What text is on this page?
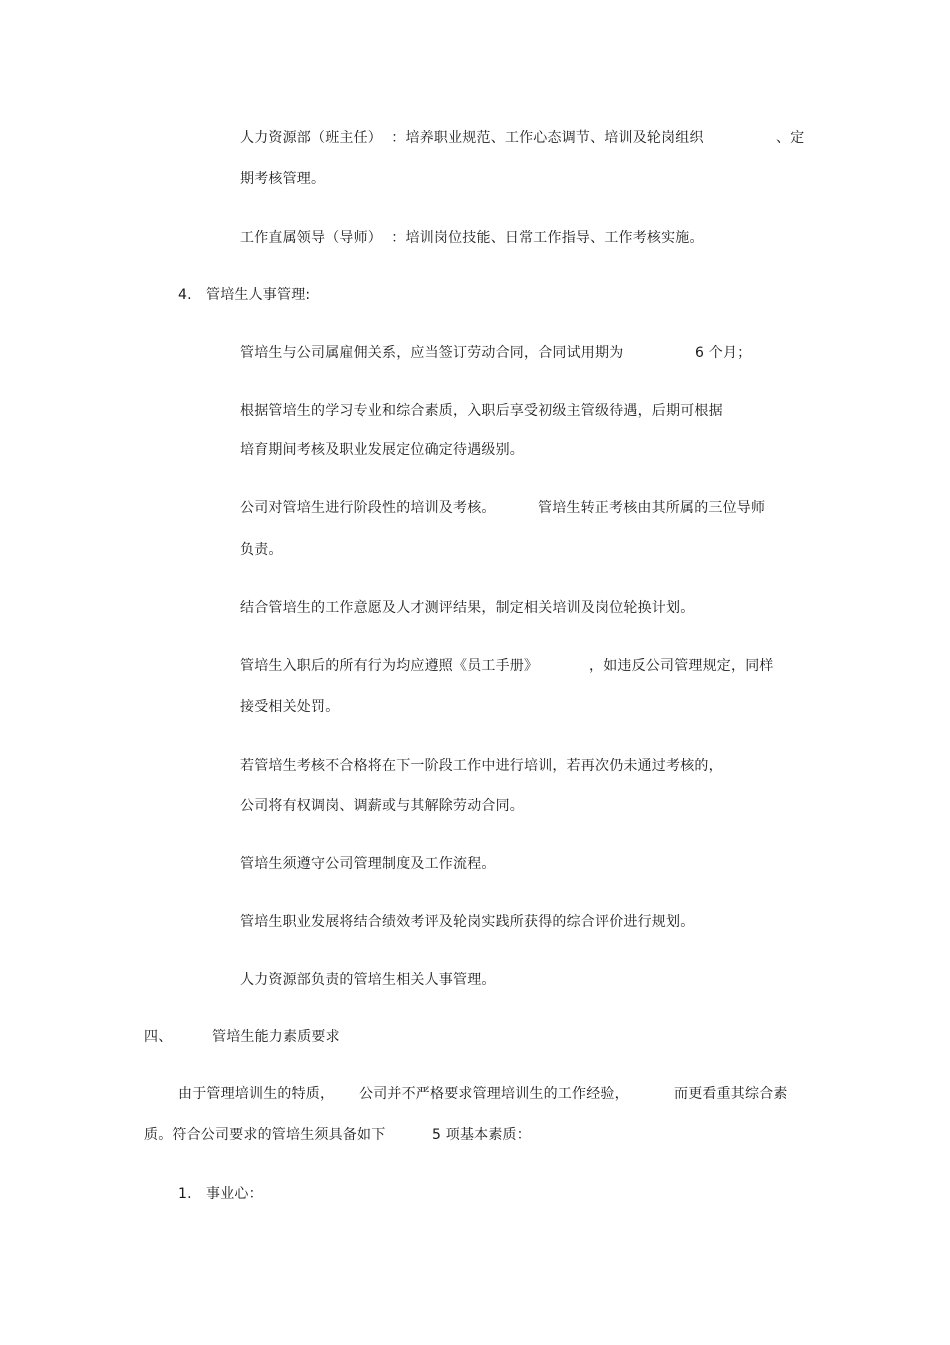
人力资源部（班主任）  ：培养职业规范、工作心态调节、培训及轮岗组织	、定

期考核管理。

工作直属领导（导师）  ：培训岗位技能、日常工作指导、工作考核实施。

4. 管培生人事管理:

管培生与公司属雇佣关系，应当签订劳动合同，合同试用期为	6 个月；

根据管培生的学习专业和综合素质，入职后享受初级主管级待遇，后期可根据

培育期间考核及职业发展定位确定待遇级别。

公司对管培生进行阶段性的培训及考核。	管培生转正考核由其所属的三位导师

负责。

结合管培生的工作意愿及人才测评结果，制定相关培训及岗位轮换计划。

管培生入职后的所有行为均应遵照《员工手册》	，如违反公司管理规定，同样

接受相关处罚。

若管培生考核不合格将在下一阶段工作中进行培训，若再次仍未通过考核的，

公司将有权调岗、调薪或与其解除劳动合同。

管培生须遵守公司管理制度及工作流程。

管培生职业发展将结合绩效考评及轮岗实践所获得的综合评价进行规划。

人力资源部负责的管培生相关人事管理。

四、	管培生能力素质要求

由于管理培训生的特质， 公司并不严格要求管理培训生的工作经验，	而更看重其综合素

质。符合公司要求的管培生须具备如下	5 项基本素质：

1. 事业心：
